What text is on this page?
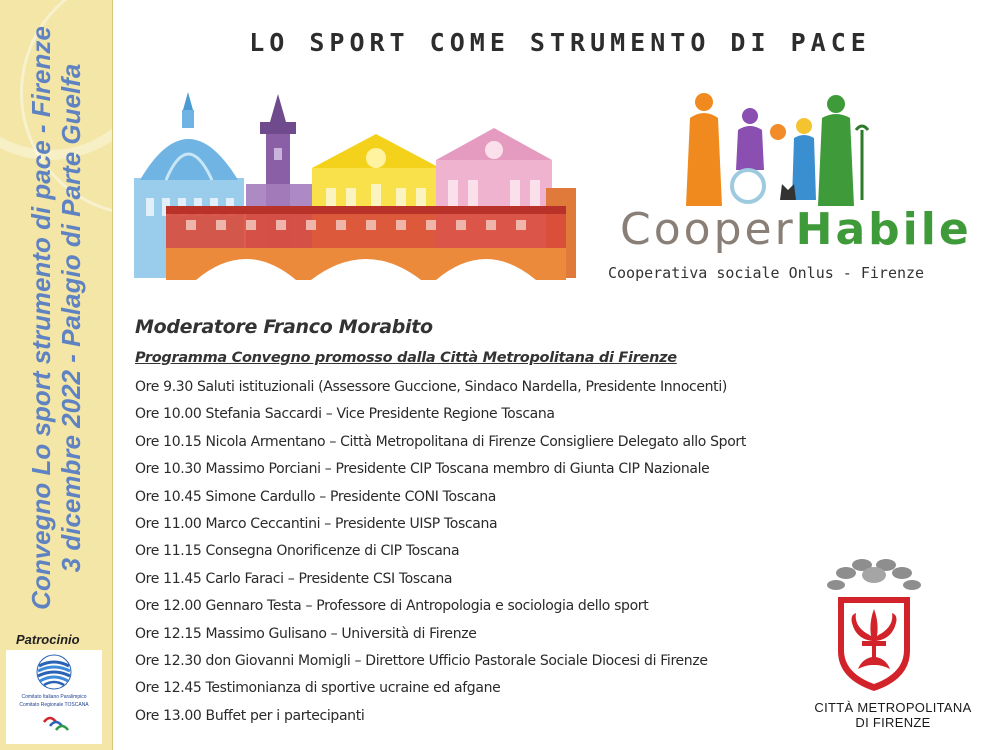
Convegno Lo sport strumento di pace - Firenze 3 dicembre 2022 - Palagio di Parte Guelfa
Patrocinio
Comitato Italiano Paralimpico
Comitato Regionale TOSCANA
LO SPORT COME STRUMENTO DI PACE
CooperHabile
Cooperativa sociale Onlus - Firenze
Moderatore Franco Morabito
Programma Convegno promosso dalla Città Metropolitana di Firenze
Ore 9.30 Saluti istituzionali (Assessore Guccione, Sindaco Nardella, Presidente Innocenti)
Ore 10.00 Stefania Saccardi – Vice Presidente Regione Toscana
Ore 10.15 Nicola Armentano – Città Metropolitana di Firenze Consigliere Delegato allo Sport
Ore 10.30 Massimo Porciani – Presidente CIP Toscana membro di Giunta CIP Nazionale
Ore 10.45 Simone Cardullo – Presidente CONI Toscana
Ore 11.00 Marco Ceccantini – Presidente UISP Toscana
Ore 11.15 Consegna Onorificenze di CIP Toscana
Ore 11.45 Carlo Faraci – Presidente CSI Toscana
Ore 12.00 Gennaro Testa – Professore di Antropologia e sociologia dello sport
Ore 12.15 Massimo Gulisano – Università di Firenze
Ore 12.30 don Giovanni Momigli – Direttore Ufficio Pastorale Sociale Diocesi di Firenze
Ore 12.45 Testimonianza di sportive ucraine ed afgane
Ore 13.00 Buffet per i partecipanti
CITTÀ METROPOLITANA
DI FIRENZE
